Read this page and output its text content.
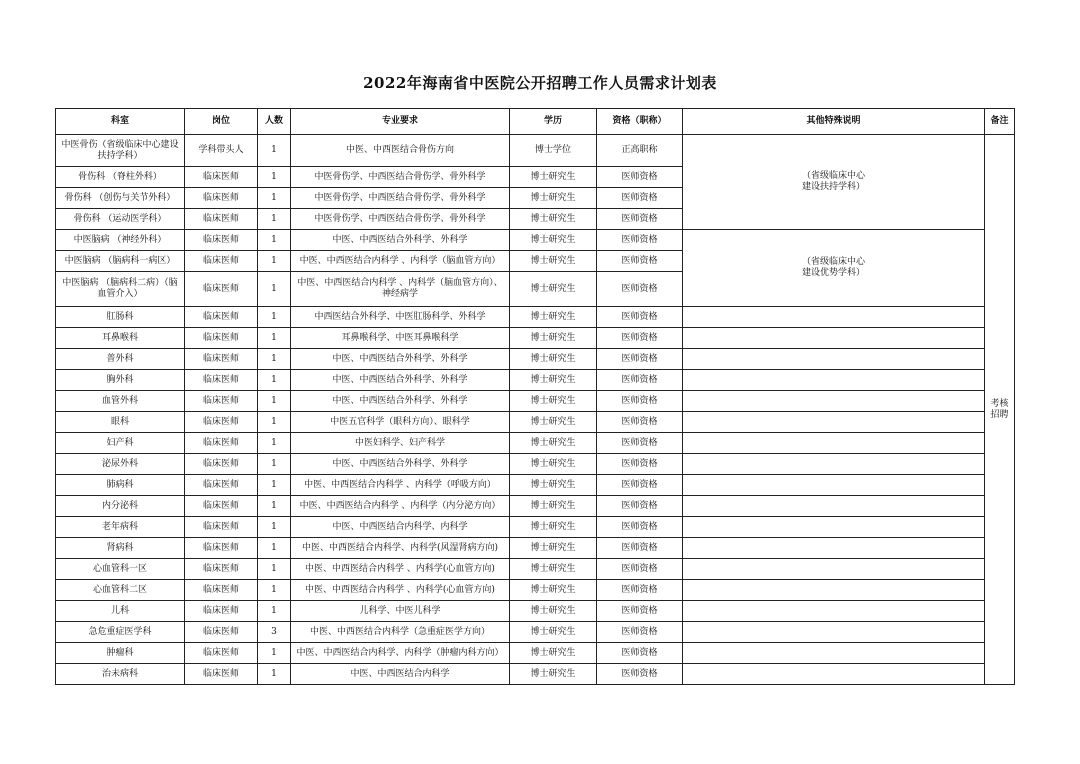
2022年海南省中医院公开招聘工作人员需求计划表
科室	岗位	人数	专业要求	学历	资格（职称）	其他特殊说明	备注
中医骨伤（省级临床中心建设扶持学科）	学科带头人	1	中医、中西医结合骨伤方向	博士学位	正高职称	（省级临床中心建设扶持学科）	考核招聘
骨伤科 （脊柱外科）	临床医师	1	中医骨伤学、中西医结合骨伤学、骨外科学	博士研究生	医师资格		
骨伤科 （创伤与关节外科）	临床医师	1	中医骨伤学、中西医结合骨伤学、骨外科学	博士研究生	医师资格		
骨伤科 （运动医学科）	临床医师	1	中医骨伤学、中西医结合骨伤学、骨外科学	博士研究生	医师资格		
中医脑病 （神经外科）	临床医师	1	中医、中西医结合外科学、外科学	博士研究生	医师资格	（省级临床中心建设优势学科）	
中医脑病 （脑病科一病区）	临床医师	1	中医、中西医结合内科学 、内科学（脑血管方向）	博士研究生	医师资格		
中医脑病 （脑病科二病）（脑血管介入）	临床医师	1	中医、中西医结合内科学 、内科学（脑血管方向）、神经病学	博士研究生	医师资格		
肛肠科	临床医师	1	中西医结合外科学、中医肛肠科学、外科学	博士研究生	医师资格		
耳鼻喉科	临床医师	1	耳鼻喉科学、中医耳鼻喉科学	博士研究生	医师资格		
普外科	临床医师	1	中医、中西医结合外科学、外科学	博士研究生	医师资格		
胸外科	临床医师	1	中医、中西医结合外科学、外科学	博士研究生	医师资格		
血管外科	临床医师	1	中医、中西医结合外科学、外科学	博士研究生	医师资格		
眼科	临床医师	1	中医五官科学（眼科方向）、眼科学	博士研究生	医师资格		
妇产科	临床医师	1	中医妇科学、妇产科学	博士研究生	医师资格		
泌尿外科	临床医师	1	中医、中西医结合外科学、外科学	博士研究生	医师资格		
肺病科	临床医师	1	中医、中西医结合内科学 、内科学（呼吸方向）	博士研究生	医师资格		
内分泌科	临床医师	1	中医、中西医结合内科学 、内科学（内分泌方向）	博士研究生	医师资格		
老年病科	临床医师	1	中医、中西医结合内科学、内科学	博士研究生	医师资格		
肾病科	临床医师	1	中医、中西医结合内科学、内科学(风湿肾病方向)	博士研究生	医师资格		
心血管科一区	临床医师	1	中医、中西医结合内科学 、内科学(心血管方向)	博士研究生	医师资格		
心血管科二区	临床医师	1	中医、中西医结合内科学 、内科学(心血管方向)	博士研究生	医师资格		
儿科	临床医师	1	儿科学、中医儿科学	博士研究生	医师资格		
急危重症医学科	临床医师	3	中医、中西医结合内科学（急重症医学方向）	博士研究生	医师资格		
肿瘤科	临床医师	1	中医、中西医结合内科学、内科学（肿瘤内科方向）	博士研究生	医师资格		
治未病科	临床医师	1	中医、中西医结合内科学	博士研究生	医师资格		
